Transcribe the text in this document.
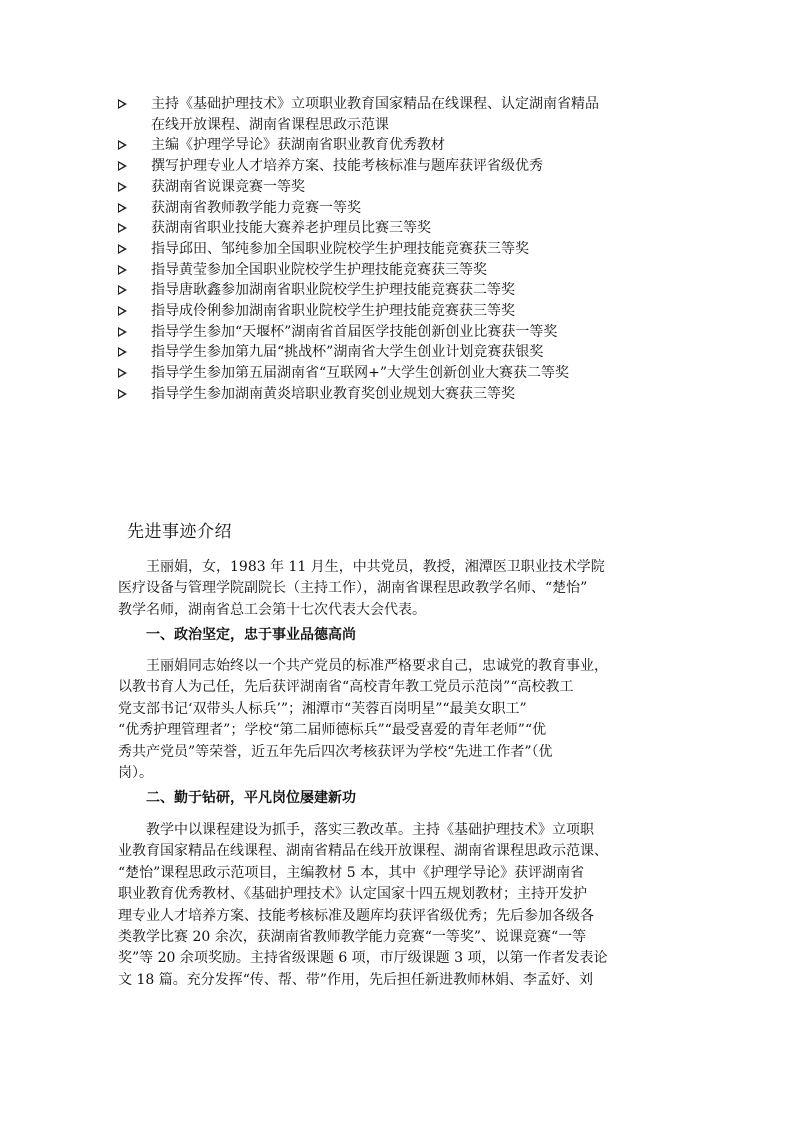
主持《基础护理技术》立项职业教育国家精品在线课程、认定湖南省精品
在线开放课程、湖南省课程思政示范课
主编《护理学导论》获湖南省职业教育优秀教材
撰写护理专业人才培养方案、技能考核标准与题库获评省级优秀
获湖南省说课竞赛一等奖
获湖南省教师教学能力竞赛一等奖
获湖南省职业技能大赛养老护理员比赛三等奖
指导邱田、邹纯参加全国职业院校学生护理技能竞赛获三等奖
指导黄莹参加全国职业院校学生护理技能竞赛获三等奖
指导唐耿鑫参加湖南省职业院校学生护理技能竞赛获二等奖
指导成伶俐参加湖南省职业院校学生护理技能竞赛获三等奖
指导学生参加“天堰杯”湖南省首届医学技能创新创业比赛获一等奖
指导学生参加第九届“挑战杯”湖南省大学生创业计划竞赛获银奖
指导学生参加第五届湖南省“互联网+”大学生创新创业大赛获二等奖
指导学生参加湖南黄炎培职业教育奖创业规划大赛获三等奖
先进事迹介绍
王丽娟，女，1983 年 11 月生，中共党员，教授，湘潭医卫职业技术学院
医疗设备与管理学院副院长（主持工作），湖南省课程思政教学名师、“楚怡”
教学名师，湖南省总工会第十七次代表大会代表。
一、政治坚定，忠于事业品德高尚
王丽娟同志始终以一个共产党员的标准严格要求自己，忠诚党的教育事业，
以教书育人为己任，先后获评湖南省“高校青年教工党员示范岗”“高校教工
党支部书记‘双带头人标兵’”；湘潭市“芙蓉百岗明星”“最美女职工”
“优秀护理管理者”；学校“第二届师德标兵”“最受喜爱的青年老师”“优
秀共产党员”等荣誉，近五年先后四次考核获评为学校“先进工作者”（优
岗）。
二、勤于钻研，平凡岗位屡建新功
教学中以课程建设为抓手，落实三教改革。主持《基础护理技术》立项职
业教育国家精品在线课程、湖南省精品在线开放课程、湖南省课程思政示范课、
“楚怡”课程思政示范项目，主编教材 5 本，其中《护理学导论》获评湖南省
职业教育优秀教材、《基础护理技术》认定国家十四五规划教材；主持开发护
理专业人才培养方案、技能考核标准及题库均获评省级优秀；先后参加各级各
类教学比赛 20 余次，获湖南省教师教学能力竞赛“一等奖”、说课竞赛“一等
奖”等 20 余项奖励。主持省级课题 6 项，市厅级课题 3 项，以第一作者发表论
文 18 篇。充分发挥“传、帮、带”作用，先后担任新进教师林娟、李孟妤、刘
